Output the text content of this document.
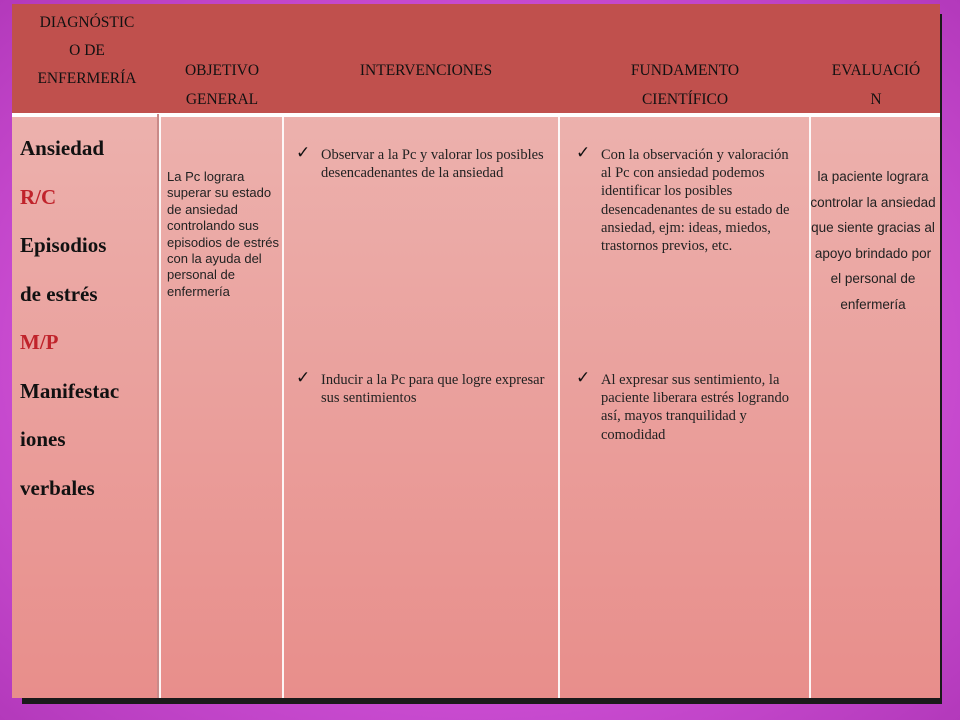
DIAGNÓSTIC
O DE
ENFERMERÍA	OBJETIVO
GENERAL
INTERVENCIONES	FUNDAMENTO
CIENTÍFICO
EVALUACIÓ
N
Ansiedad
R/C
Episodios
de estrés
M/P
Manifestac
iones
verbales
La Pc lograra superar su estado de ansiedad controlando sus episodios de estrés con la ayuda del personal de enfermería
✓ Observar a la Pc y valorar los posibles desencadenantes de la ansiedad
✓ Inducir a la Pc para que logre expresar sus sentimientos
✓ Con la observación y valoración al Pc con ansiedad podemos identificar los posibles desencadenantes de su estado de ansiedad, ejm: ideas, miedos, trastornos previos, etc.
✓ Al expresar sus sentimiento, la paciente liberara estrés logrando así, mayos tranquilidad y comodidad
la paciente lograra controlar la ansiedad que siente gracias al apoyo brindado por el personal de enfermería
